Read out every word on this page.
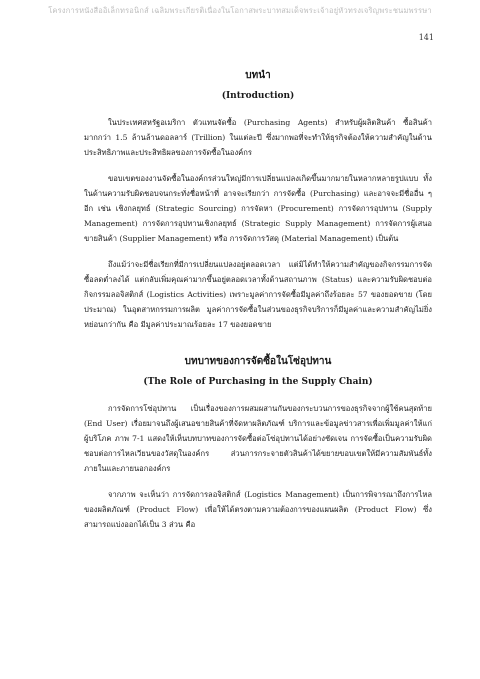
โครงการหนังสืออิเล็กทรอนิกส์ เฉลิมพระเกียรติเนื่องในโอกาสพระบาทสมเด็จพระเจ้าอยู่หัวทรงเจริญพระชนมพรรษา
141
บทนำ
(Introduction)

ในประเทศสหรัฐอเมริกา ตัวแทนจัดซื้อ (Purchasing Agents) สำหรับผู้ผลิตสินค้า ซื้อสินค้ามากกว่า 1.5 ล้านล้านดอลลาร์ (Trillion) ในแต่ละปี ซึ่งมากพอที่จะทำให้ธุรกิจต้องให้ความสำคัญในด้านประสิทธิภาพและประสิทธิผลของการจัดซื้อในองค์กร

ขอบเขตของงานจัดซื้อในองค์กรส่วนใหญ่มีการเปลี่ยนแปลงเกิดขึ้นมากมายในหลากหลายรูปแบบ ทั้งในด้านความรับผิดชอบจนกระทั่งชื่อหน้าที่ อาจจะเรียกว่า การจัดซื้อ (Purchasing) และอาจจะมีชื่ออื่น ๆ อีก เช่น เชิงกลยุทธ์ (Strategic Sourcing) การจัดหา (Procurement) การจัดการอุปทาน (Supply Management) การจัดการอุปทานเชิงกลยุทธ์ (Strategic Supply Management) การจัดการผู้เสนอขายสินค้า (Supplier Management) หรือ การจัดการวัสดุ (Material Management) เป็นต้น

ถึงแม้ว่าจะมีชื่อเรียกที่มีการเปลี่ยนแปลงอยู่ตลอดเวลา แต่มิได้ทำให้ความสำคัญของกิจกรรมการจัดซื้อลดต่ำลงได้ แต่กลับเพิ่มคุณค่ามากขึ้นอยู่ตลอดเวลาทั้งด้านสถานภาพ (Status) และความรับผิดชอบต่อกิจกรรมลอจิสติกส์ (Logistics Activities) เพราะมูลค่าการจัดซื้อมีมูลค่าถึงร้อยละ 57 ของยอดขาย (โดยประมาณ) ในอุตสาหกรรมการผลิต มูลค่าการจัดซื้อในส่วนของธุรกิจบริการก็มีมูลค่าและความสำคัญไม่ยิ่งหย่อนกว่ากัน คือ มีมูลค่าประมาณร้อยละ 17 ของยอดขาย

บทบาทของการจัดซื้อในโซ่อุปทาน
(The Role of Purchasing in the Supply Chain)

การจัดการโซ่อุปทาน เป็นเรื่องของการผสมผสานกันของกระบวนการของธุรกิจจากผู้ใช้คนสุดท้าย (End User) เรื่อยมาจนถึงผู้เสนอขายสินค้าที่จัดหาผลิตภัณฑ์ บริการและข้อมูลข่าวสารเพื่อเพิ่มมูลค่าให้แก่ผู้บริโภค ภาพ 7-1 แสดงให้เห็นบทบาทของการจัดซื้อต่อโซ่อุปทานได้อย่างชัดเจน การจัดซื้อเป็นความรับผิดชอบต่อการไหลเวียนของวัสดุในองค์กร ส่วนการกระจายตัวสินค้าได้ขยายขอบเขตให้มีความสัมพันธ์ทั้งภายในและภายนอกองค์กร

จากภาพ จะเห็นว่า การจัดการลอจิสติกส์ (Logistics Management) เป็นการพิจารณาถึงการไหลของผลิตภัณฑ์ (Product Flow) เพื่อให้ได้ตรงตามความต้องการของแผนผลิต (Product Flow) ซึ่งสามารถแบ่งออกได้เป็น 3 ส่วน คือ
